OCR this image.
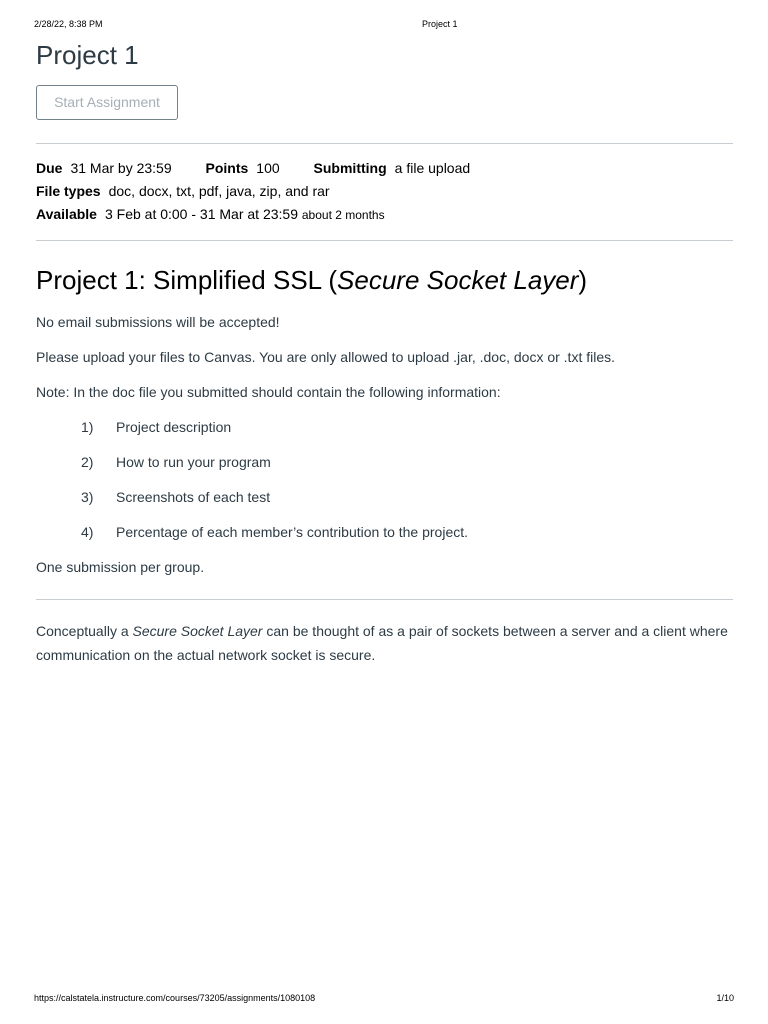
2/28/22, 8:38 PM	Project 1
Project 1
Start Assignment
Due 31 Mar by 23:59 Points 100 Submitting a file upload
File types doc, docx, txt, pdf, java, zip, and rar
Available 3 Feb at 0:00 - 31 Mar at 23:59 about 2 months
Project 1: Simplified SSL (Secure Socket Layer)

No email submissions will be accepted!

Please upload your files to Canvas. You are only allowed to upload .jar, .doc, docx or .txt files.

Note: In the doc file you submitted should contain the following information:

1) Project description
2) How to run your program
3) Screenshots of each test
4) Percentage of each member’s contribution to the project.

One submission per group.

Conceptually a Secure Socket Layer can be thought of as a pair of sockets between a server and a client where communication on the actual network socket is secure.

https://calstatela.instructure.com/courses/73205/assignments/1080108	1/10
